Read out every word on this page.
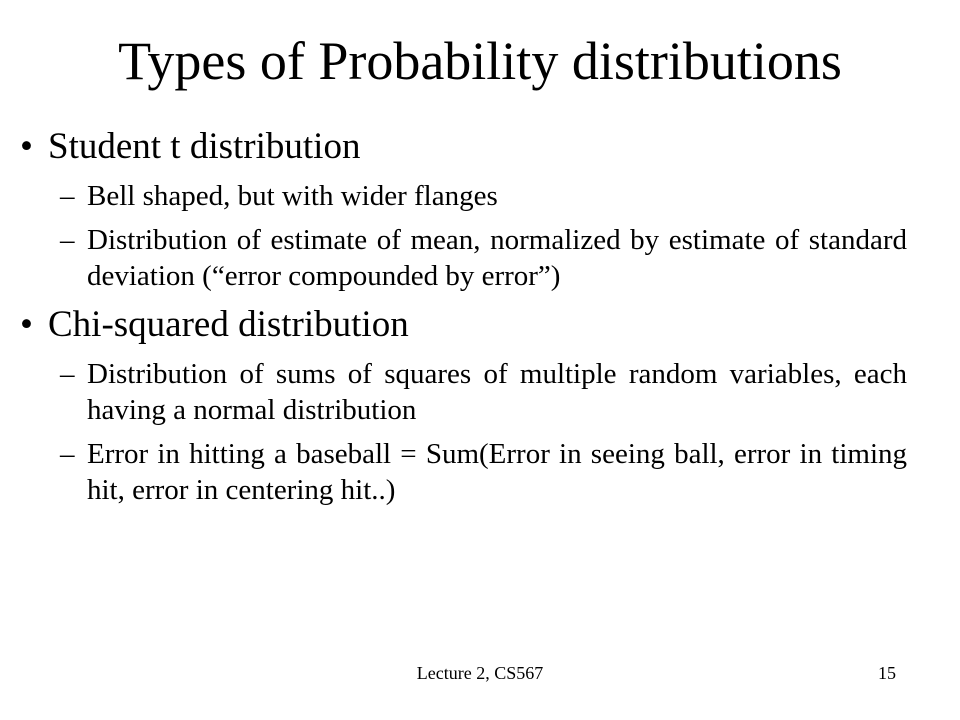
Types of Probability distributions
• Student t distribution
– Bell shaped, but with wider flanges
– Distribution of estimate of mean, normalized by estimate of standard deviation (“error compounded by error”)
• Chi-squared distribution
– Distribution of sums of squares of multiple random variables, each having a normal distribution
– Error in hitting a baseball = Sum(Error in seeing ball, error in timing hit, error in centering hit..)
Lecture 2, CS567	15
